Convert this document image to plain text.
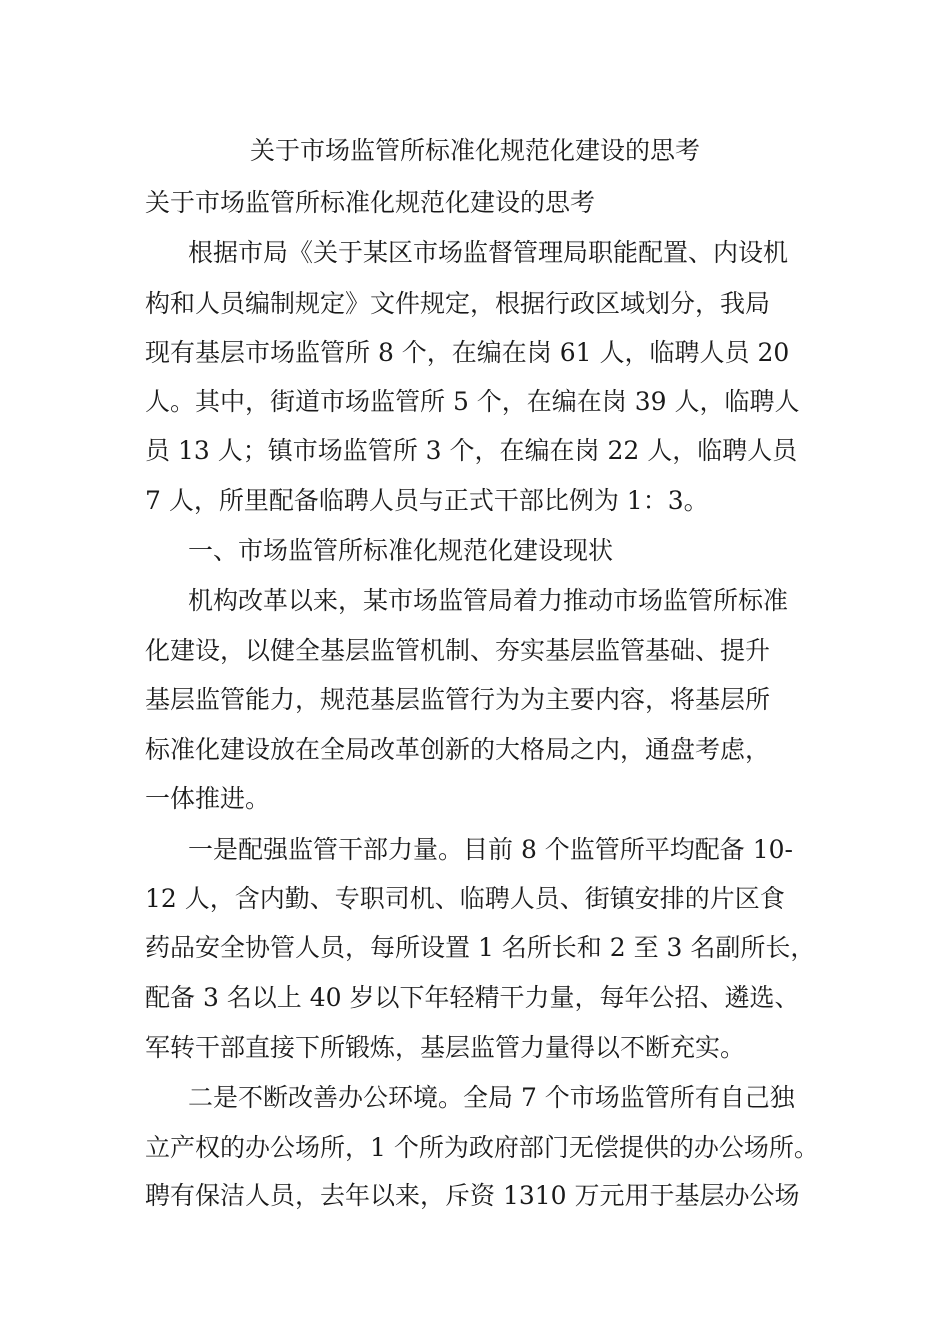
关于市场监管所标准化规范化建设的思考
关于市场监管所标准化规范化建设的思考

根据市局《关于某区市场监督管理局职能配置、内设机

构和人员编制规定》文件规定，根据行政区域划分，我局

现有基层市场监管所 8 个，在编在岗 61 人，临聘人员 20

人。其中，街道市场监管所 5 个，在编在岗 39 人，临聘人

员 13 人；镇市场监管所 3 个，在编在岗 22 人，临聘人员

7 人，所里配备临聘人员与正式干部比例为 1：3。

一、市场监管所标准化规范化建设现状

机构改革以来，某市场监管局着力推动市场监管所标准

化建设，以健全基层监管机制、夯实基层监管基础、提升

基层监管能力，规范基层监管行为为主要内容，将基层所

标准化建设放在全局改革创新的大格局之内，通盘考虑，

一体推进。

一是配强监管干部力量。目前 8 个监管所平均配备 10-

12 人，含内勤、专职司机、临聘人员、街镇安排的片区食

药品安全协管人员，每所设置 1 名所长和 2 至 3 名副所长，

配备 3 名以上 40 岁以下年轻精干力量，每年公招、遴选、

军转干部直接下所锻炼，基层监管力量得以不断充实。

二是不断改善办公环境。全局 7 个市场监管所有自己独

立产权的办公场所，1 个所为政府部门无偿提供的办公场所。

聘有保洁人员，去年以来，斥资 1310 万元用于基层办公场
